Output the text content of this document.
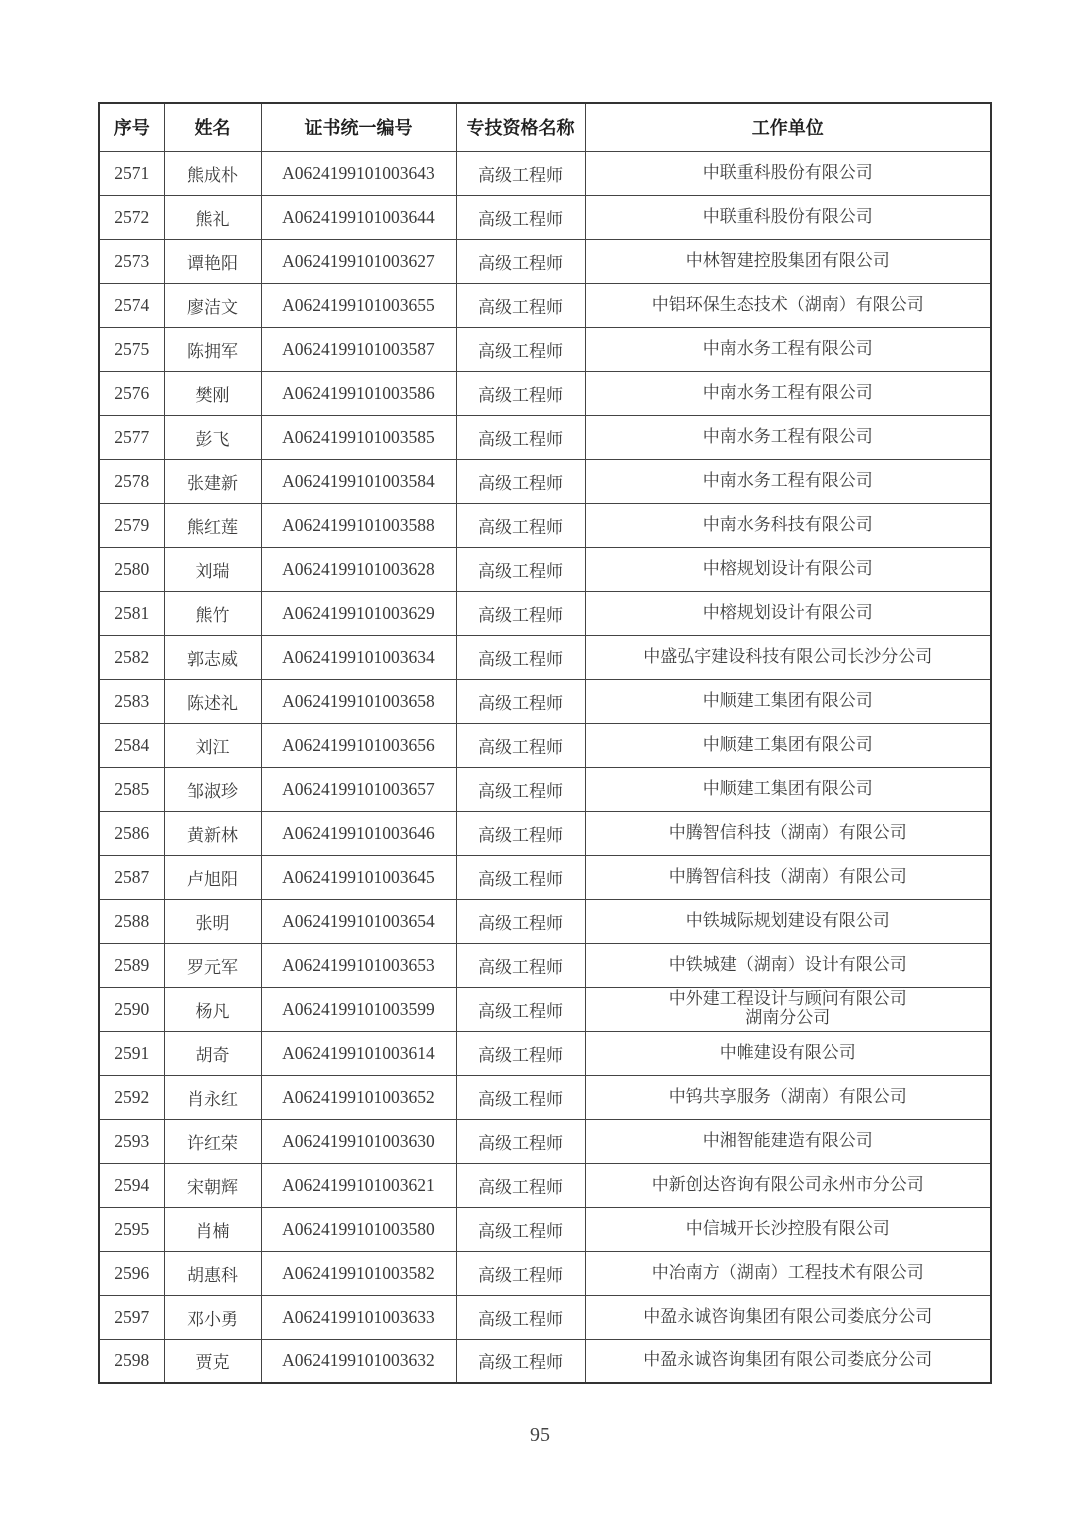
序号	姓名	证书统一编号	专技资格名称	工作单位
2571	熊成朴	A0624199101003643	高级工程师	中联重科股份有限公司
2572	熊礼	A0624199101003644	高级工程师	中联重科股份有限公司
2573	谭艳阳	A0624199101003627	高级工程师	中林智建控股集团有限公司
2574	廖洁文	A0624199101003655	高级工程师	中铝环保生态技术（湖南）有限公司
2575	陈拥军	A0624199101003587	高级工程师	中南水务工程有限公司
2576	樊刚	A0624199101003586	高级工程师	中南水务工程有限公司
2577	彭飞	A0624199101003585	高级工程师	中南水务工程有限公司
2578	张建新	A0624199101003584	高级工程师	中南水务工程有限公司
2579	熊红莲	A0624199101003588	高级工程师	中南水务科技有限公司
2580	刘瑞	A0624199101003628	高级工程师	中榕规划设计有限公司
2581	熊竹	A0624199101003629	高级工程师	中榕规划设计有限公司
2582	郭志威	A0624199101003634	高级工程师	中盛弘宇建设科技有限公司长沙分公司
2583	陈述礼	A0624199101003658	高级工程师	中顺建工集团有限公司
2584	刘江	A0624199101003656	高级工程师	中顺建工集团有限公司
2585	邹淑珍	A0624199101003657	高级工程师	中顺建工集团有限公司
2586	黄新林	A0624199101003646	高级工程师	中腾智信科技（湖南）有限公司
2587	卢旭阳	A0624199101003645	高级工程师	中腾智信科技（湖南）有限公司
2588	张明	A0624199101003654	高级工程师	中铁城际规划建设有限公司
2589	罗元军	A0624199101003653	高级工程师	中铁城建（湖南）设计有限公司
2590	杨凡	A0624199101003599	高级工程师	中外建工程设计与顾问有限公司
湖南分公司
2591	胡奇	A0624199101003614	高级工程师	中帷建设有限公司
2592	肖永红	A0624199101003652	高级工程师	中钨共享服务（湖南）有限公司
2593	许红荣	A0624199101003630	高级工程师	中湘智能建造有限公司
2594	宋朝辉	A0624199101003621	高级工程师	中新创达咨询有限公司永州市分公司
2595	肖楠	A0624199101003580	高级工程师	中信城开长沙控股有限公司
2596	胡惠科	A0624199101003582	高级工程师	中冶南方（湖南）工程技术有限公司
2597	邓小勇	A0624199101003633	高级工程师	中盈永诚咨询集团有限公司娄底分公司
2598	贾克	A0624199101003632	高级工程师	中盈永诚咨询集团有限公司娄底分公司
95
